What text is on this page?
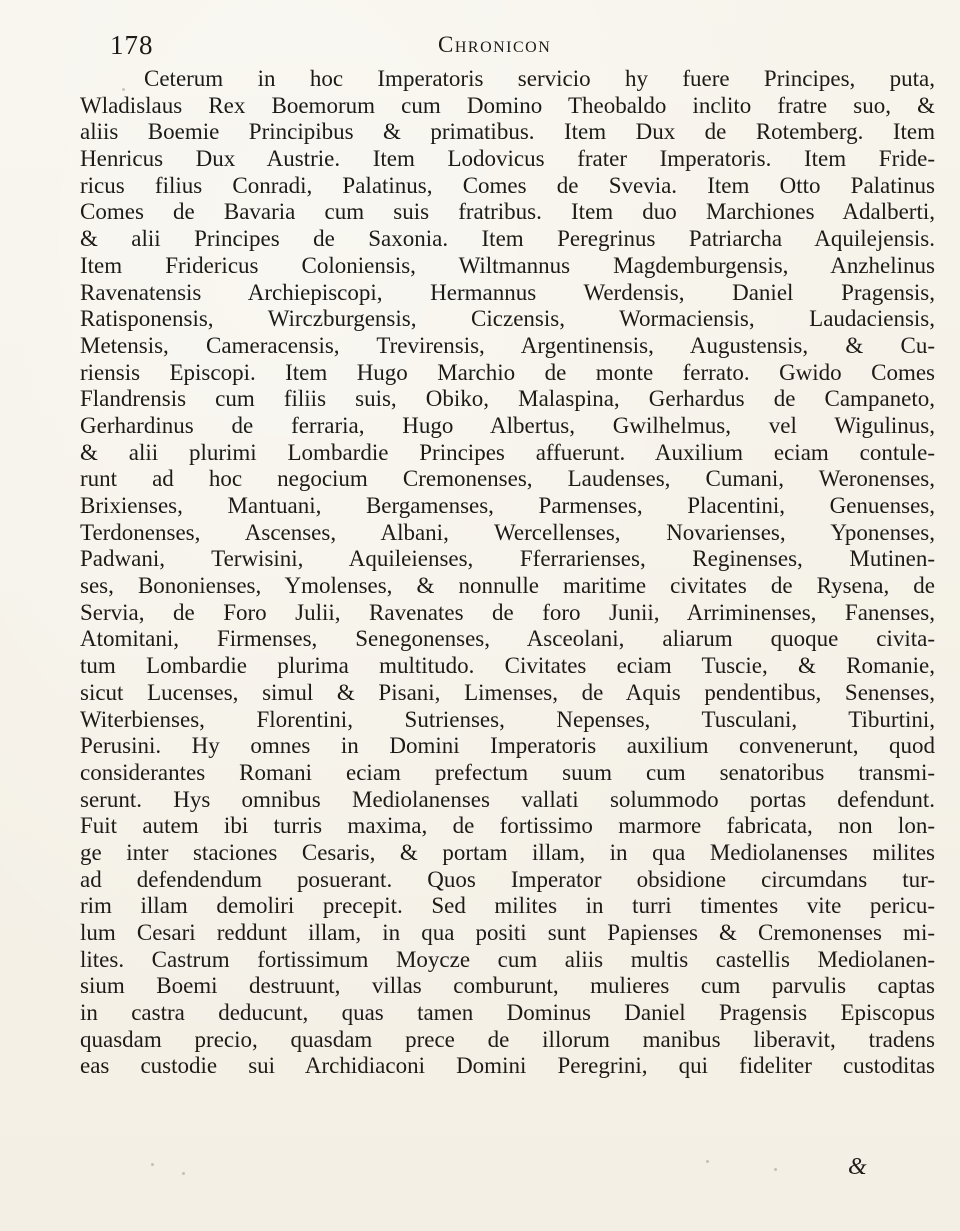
178	Chronicon
Ceterum in hoc Imperatoris servicio hy fuere Principes, puta,
Wladislaus Rex Boemorum cum Domino Theobaldo inclito fratre suo, &
aliis Boemie Principibus & primatibus. Item Dux de Rotemberg. Item
Henricus Dux Austrie. Item Lodovicus frater Imperatoris. Item Fride-
ricus filius Conradi, Palatinus, Comes de Svevia. Item Otto Palatinus
Comes de Bavaria cum suis fratribus. Item duo Marchiones Adalberti,
& alii Principes de Saxonia. Item Peregrinus Patriarcha Aquilejensis.
Item Fridericus Coloniensis, Wiltmannus Magdemburgensis, Anzhelinus
Ravenatensis Archiepiscopi, Hermannus Werdensis, Daniel Pragensis,
Ratisponensis, Wirczburgensis, Ciczensis, Wormaciensis, Laudaciensis,
Metensis, Cameracensis, Trevirensis, Argentinensis, Augustensis, & Cu-
riensis Episcopi. Item Hugo Marchio de monte ferrato. Gwido Comes
Flandrensis cum filiis suis, Obiko, Malaspina, Gerhardus de Campaneto,
Gerhardinus de ferraria, Hugo Albertus, Gwilhelmus, vel Wigulinus,
& alii plurimi Lombardie Principes affuerunt. Auxilium eciam contule-
runt ad hoc negocium Cremonenses, Laudenses, Cumani, Weronenses,
Brixienses, Mantuani, Bergamenses, Parmenses, Placentini, Genuenses,
Terdonenses, Ascenses, Albani, Wercellenses, Novarienses, Yponenses,
Padwani, Terwisini, Aquileienses, Fferrarienses, Reginenses, Mutinen-
ses, Bononienses, Ymolenses, & nonnulle maritime civitates de Rysena, de
Servia, de Foro Julii, Ravenates de foro Junii, Arriminenses, Fanenses,
Atomitani, Firmenses, Senegonenses, Asceolani, aliarum quoque civita-
tum Lombardie plurima multitudo. Civitates eciam Tuscie, & Romanie,
sicut Lucenses, simul & Pisani, Limenses, de Aquis pendentibus, Senenses,
Witerbienses, Florentini, Sutrienses, Nepenses, Tusculani, Tiburtini,
Perusini. Hy omnes in Domini Imperatoris auxilium convenerunt, quod
considerantes Romani eciam prefectum suum cum senatoribus transmi-
serunt. Hys omnibus Mediolanenses vallati solummodo portas defendunt.
Fuit autem ibi turris maxima, de fortissimo marmore fabricata, non lon-
ge inter staciones Cesaris, & portam illam, in qua Mediolanenses milites
ad defendendum posuerant. Quos Imperator obsidione circumdans tur-
rim illam demoliri precepit. Sed milites in turri timentes vite pericu-
lum Cesari reddunt illam, in qua positi sunt Papienses & Cremonenses mi-
lites. Castrum fortissimum Moycze cum aliis multis castellis Mediolanen-
sium Boemi destruunt, villas comburunt, mulieres cum parvulis captas
in castra deducunt, quas tamen Dominus Daniel Pragensis Episcopus
quasdam precio, quasdam prece de illorum manibus liberavit, tradens
eas custodie sui Archidiaconi Domini Peregrini, qui fideliter custoditas
&
